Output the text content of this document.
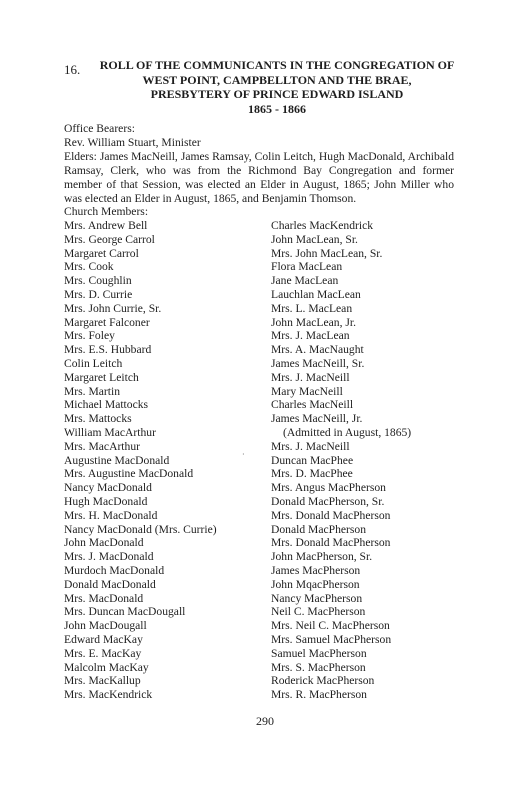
16.	ROLL OF THE COMMUNICANTS IN THE CONGREGATION OF
WEST POINT, CAMPBELLTON AND THE BRAE,
PRESBYTERY OF PRINCE EDWARD ISLAND
1865 - 1866

Office Bearers:

Rev. William Stuart, Minister

Elders: James MacNeill, James Ramsay, Colin Leitch, Hugh MacDonald, Archibald Ramsay, Clerk, who was from the Richmond Bay Congregation and former member of that Session, was elected an Elder in August, 1865; John Miller who was elected an Elder in August, 1865, and Benjamin Thomson.

Church Members:

Mrs. Andrew Bell
Mrs. George Carrol
Margaret Carrol
Mrs. Cook
Mrs. Coughlin
Mrs. D. Currie
Mrs. John Currie, Sr.
Margaret Falconer
Mrs. Foley
Mrs. E.S. Hubbard
Colin Leitch
Margaret Leitch
Mrs. Martin
Michael Mattocks
Mrs. Mattocks
William MacArthur
Mrs. MacArthur
Augustine MacDonald
Mrs. Augustine MacDonald
Nancy MacDonald
Hugh MacDonald
Mrs. H. MacDonald
Nancy MacDonald (Mrs. Currie)
John MacDonald
Mrs. J. MacDonald
Murdoch MacDonald
Donald MacDonald
Mrs. MacDonald
Mrs. Duncan MacDougall
John MacDougall
Edward MacKay
Mrs. E. MacKay
Malcolm MacKay
Mrs. MacKallup
Mrs. MacKendrick
Charles MacKendrick
John MacLean, Sr.
Mrs. John MacLean, Sr.
Flora MacLean
Jane MacLean
Lauchlan MacLean
Mrs. L. MacLean
John MacLean, Jr.
Mrs. J. MacLean
Mrs. A. MacNaught
James MacNeill, Sr.
Mrs. J. MacNeill
Mary MacNeill
Charles MacNeill
James MacNeill, Jr.
(Admitted in August, 1865)
Mrs. J. MacNeill
Duncan MacPhee
Mrs. D. MacPhee
Mrs. Angus MacPherson
Donald MacPherson, Sr.
Mrs. Donald MacPherson
Donald MacPherson
Mrs. Donald MacPherson
John MacPherson, Sr.
James MacPherson
John MqacPherson
Nancy MacPherson
Neil C. MacPherson
Mrs. Neil C. MacPherson
Mrs. Samuel MacPherson
Samuel MacPherson
Mrs. S. MacPherson
Roderick MacPherson
Mrs. R. MacPherson
·
290
